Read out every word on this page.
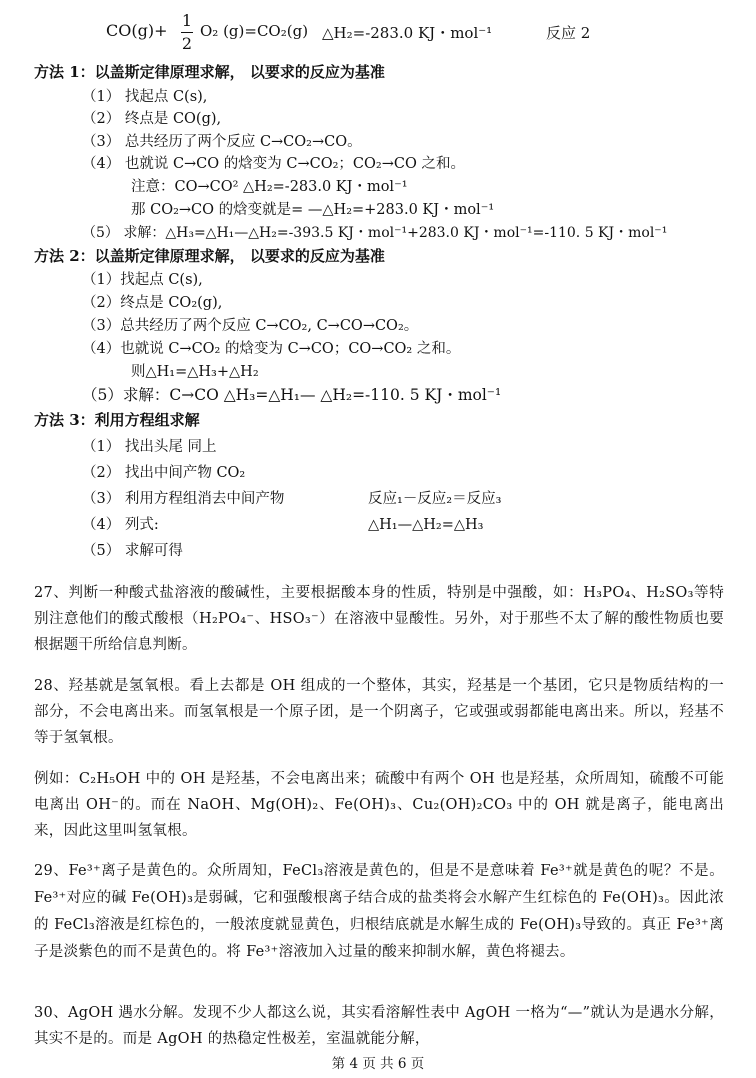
CO(g)+
1
2
O₂ (g)=CO₂(g) △H₂=-283.0 KJ・mol⁻¹	反应 2
方法 1：以盖斯定律原理求解， 以要求的反应为基准
（1） 找起点 C(s),
（2） 终点是 CO(g),
（3） 总共经历了两个反应 C→CO₂→CO。
（4） 也就说 C→CO 的焓变为 C→CO₂；CO₂→CO 之和。
注意：CO→CO² △H₂=-283.0 KJ・mol⁻¹
那 CO₂→CO 的焓变就是= —△H₂=+283.0 KJ・mol⁻¹
（5） 求解：△H₃=△H₁—△H₂=-393.5 KJ・mol⁻¹+283.0 KJ・mol⁻¹=-110. 5 KJ・mol⁻¹
方法 2：以盖斯定律原理求解， 以要求的反应为基准
（1）找起点 C(s),
（2）终点是 CO₂(g),
（3）总共经历了两个反应 C→CO₂, C→CO→CO₂。
（4）也就说 C→CO₂ 的焓变为 C→CO；CO→CO₂ 之和。
则△H₁=△H₃+△H₂
（5）求解：C→CO △H₃=△H₁— △H₂=-110. 5 KJ・mol⁻¹
方法 3：利用方程组求解
（1） 找出头尾 同上
（2） 找出中间产物 CO₂
（3） 利用方程组消去中间产物	反应₁－反应₂＝反应₃
（4） 列式:	△H₁—△H₂=△H₃
（5） 求解可得
27、判断一种酸式盐溶液的酸碱性，主要根据酸本身的性质，特别是中强酸，如：H₃PO₄、H₂SO₃等特别注意他们的酸式酸根（H₂PO₄⁻、HSO₃⁻）在溶液中显酸性。另外，对于那些不太了解的酸性物质也要根据题干所给信息判断。
28、羟基就是氢氧根。看上去都是 OH 组成的一个整体，其实，羟基是一个基团，它只是物质结构的一部分，不会电离出来。而氢氧根是一个原子团，是一个阴离子，它或强或弱都能电离出来。所以，羟基不等于氢氧根。
例如：C₂H₅OH 中的 OH 是羟基，不会电离出来；硫酸中有两个 OH 也是羟基，众所周知，硫酸不可能电离出 OH⁻的。而在 NaOH、Mg(OH)₂、Fe(OH)₃、Cu₂(OH)₂CO₃ 中的 OH 就是离子，能电离出来，因此这里叫氢氧根。
29、Fe³⁺离子是黄色的。众所周知，FeCl₃溶液是黄色的，但是不是意味着 Fe³⁺就是黄色的呢？不是。Fe³⁺对应的碱 Fe(OH)₃是弱碱，它和强酸根离子结合成的盐类将会水解产生红棕色的 Fe(OH)₃。因此浓的 FeCl₃溶液是红棕色的，一般浓度就显黄色，归根结底就是水解生成的 Fe(OH)₃导致的。真正 Fe³⁺离子是淡紫色的而不是黄色的。将 Fe³⁺溶液加入过量的酸来抑制水解，黄色将褪去。
30、AgOH 遇水分解。发现不少人都这么说，其实看溶解性表中 AgOH 一格为“—”就认为是遇水分解，其实不是的。而是 AgOH 的热稳定性极差，室温就能分解，
第 4 页 共 6 页
